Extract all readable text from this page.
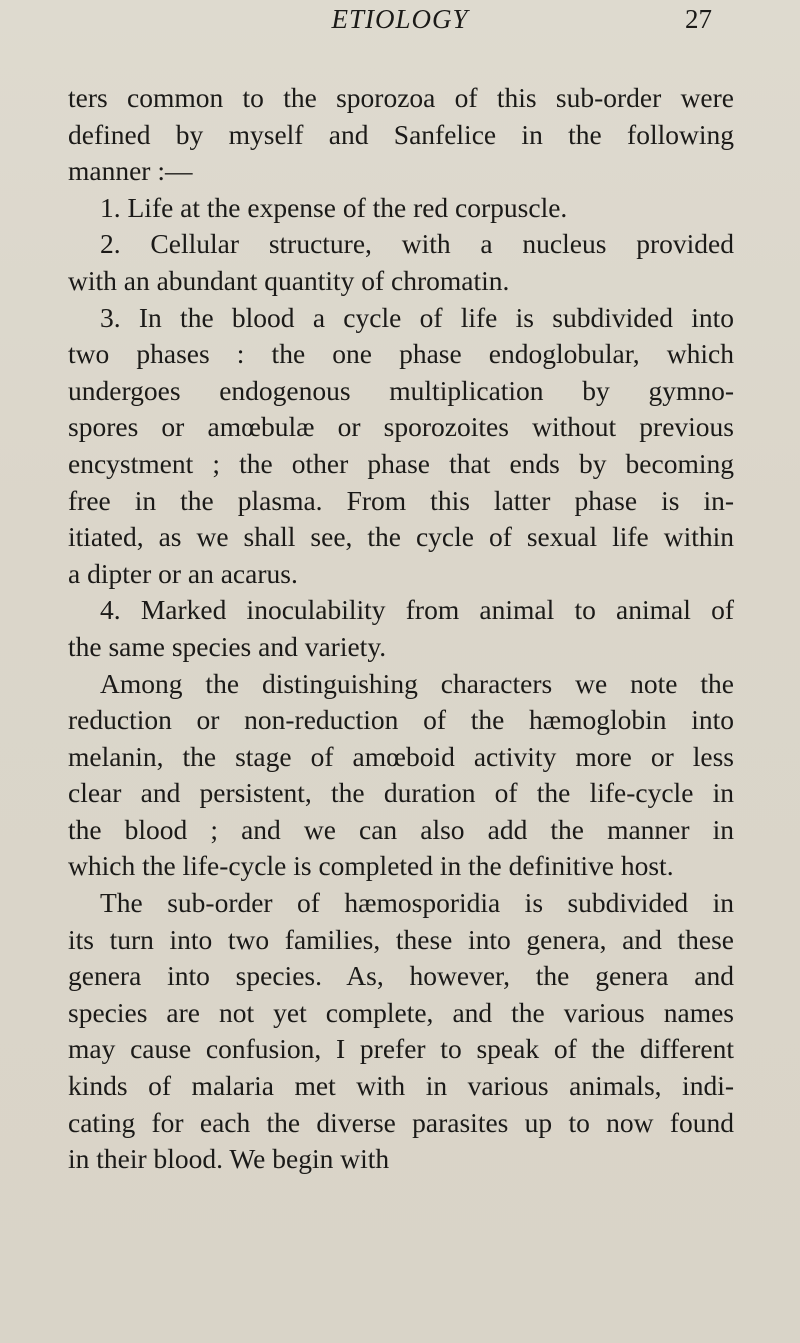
ETIOLOGY	27
ters common to the sporozoa of this sub-order were
defined by myself and Sanfelice in the following
manner :—
1. Life at the expense of the red corpuscle.
2. Cellular structure, with a nucleus provided
with an abundant quantity of chromatin.
3. In the blood a cycle of life is subdivided into
two phases : the one phase endoglobular, which
undergoes endogenous multiplication by gymno-
spores or amœbulæ or sporozoites without previous
encystment ; the other phase that ends by becoming
free in the plasma. From this latter phase is in-
itiated, as we shall see, the cycle of sexual life within
a dipter or an acarus.
4. Marked inoculability from animal to animal of
the same species and variety.
Among the distinguishing characters we note the
reduction or non-reduction of the hæmoglobin into
melanin, the stage of amœboid activity more or less
clear and persistent, the duration of the life-cycle in
the blood ; and we can also add the manner in
which the life-cycle is completed in the definitive host.
The sub-order of hæmosporidia is subdivided in
its turn into two families, these into genera, and these
genera into species. As, however, the genera and
species are not yet complete, and the various names
may cause confusion, I prefer to speak of the different
kinds of malaria met with in various animals, indi-
cating for each the diverse parasites up to now found
in their blood. We begin with
